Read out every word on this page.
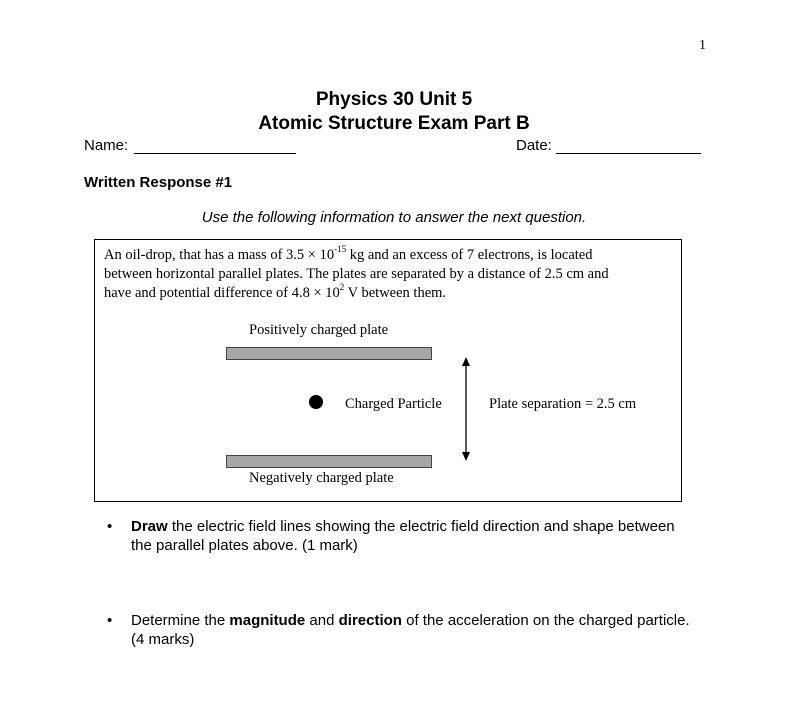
1
Physics 30 Unit 5
Atomic Structure Exam Part B
Name:	Date:
Written Response #1
Use the following information to answer the next question.
An oil-drop, that has a mass of $3.5 \times 10^{-15}$ kg and an excess of 7 electrons, is located
between horizontal parallel plates. The plates are separated by a distance of 2.5 cm and
have and potential difference of $4.8 \times 10^2$ V between them.
Positively charged plate
Charged Particle	Plate separation = 2.5 cm
Negatively charged plate
• Draw the electric field lines showing the electric field direction and shape between the parallel plates above. (1 mark)
• Determine the magnitude and direction of the acceleration on the charged particle. (4 marks)
